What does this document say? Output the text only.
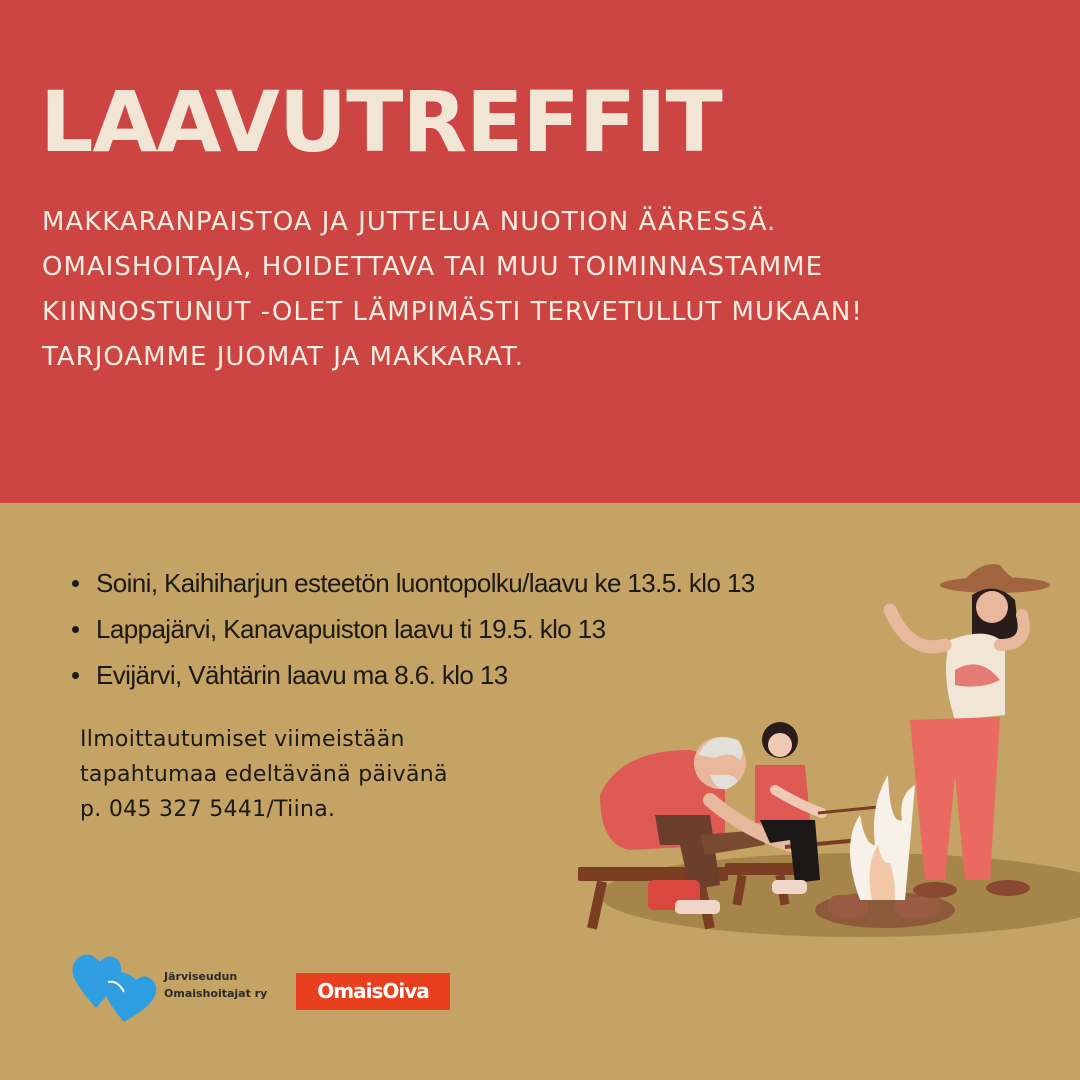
LAAVUTREFFIT
MAKKARANPAISTOA JA JUTTELUA NUOTION ÄÄRESSÄ.
OMAISHOITAJA, HOIDETTAVA TAI MUU TOIMINNASTAMME
KIINNOSTUNUT -OLET LÄMPIMÄSTI TERVETULLUT MUKAAN!
TARJOAMME JUOMAT JA MAKKARAT.
Soini, Kaihiharjun esteetön luontopolku/laavu ke 13.5. klo 13
Lappajärvi, Kanavapuiston laavu ti 19.5. klo 13
Evijärvi, Vähtärin laavu ma 8.6. klo 13
Ilmoittautumiset viimeistään
tapahtumaa edeltävänä päivänä
p. 045 327 5441/Tiina.
Järviseudun
Omaishoitajat ry	OmaisOiva
